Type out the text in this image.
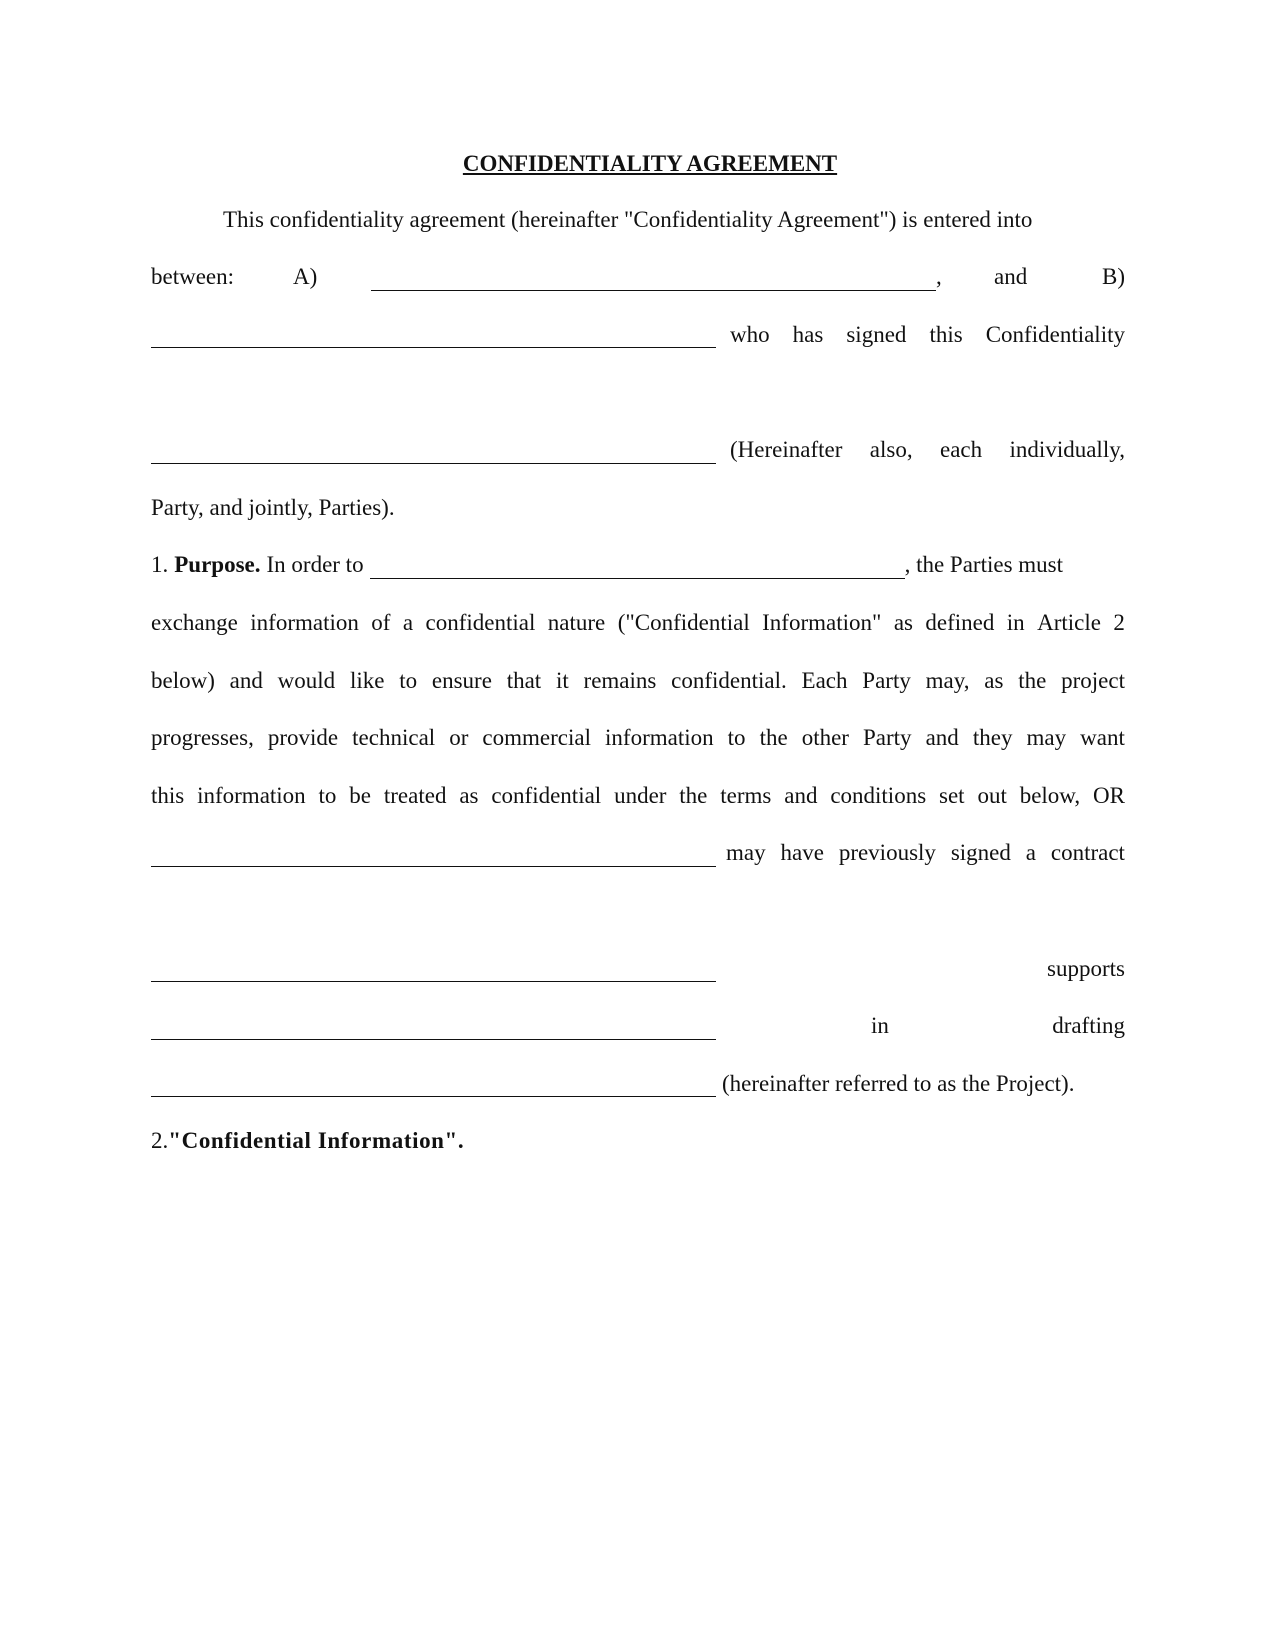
CONFIDENTIALITY AGREEMENT
This confidentiality agreement (hereinafter "Confidentiality Agreement") is entered into
between:	A)	,	and	B)
who has signed this Confidentiality
(Hereinafter also, each individually,
Party, and jointly, Parties).
1. Purpose. In order to	, the Parties must
exchange information of a confidential nature ("Confidential Information" as defined in Article 2
below) and would like to ensure that it remains confidential. Each Party may, as the project
progresses, provide technical or commercial information to the other Party and they may want
this information to be treated as confidential under the terms and conditions set out below, OR
may have previously signed a contract
supports
in	drafting
(hereinafter referred to as the Project).
2. "Confidential Information".
